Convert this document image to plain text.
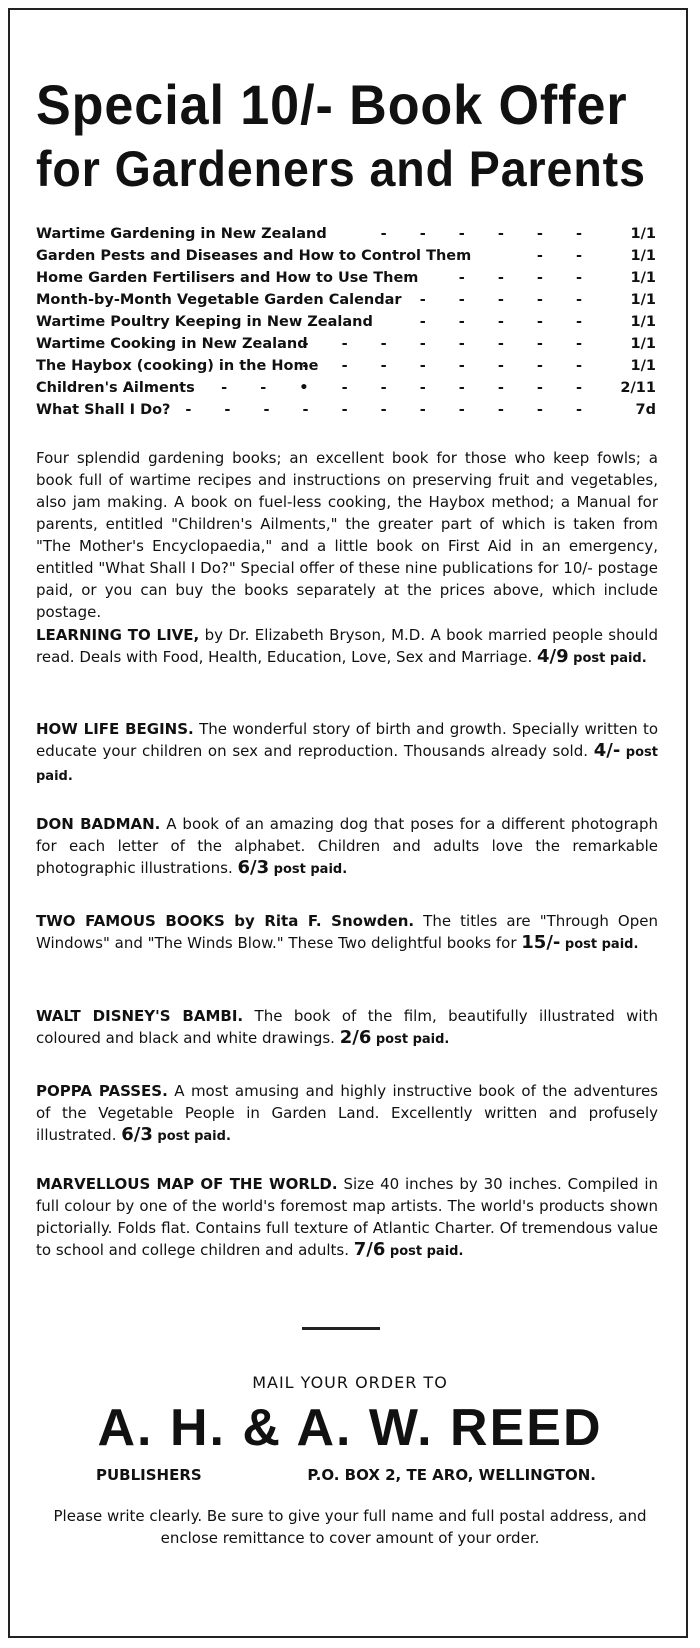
Special 10/- Book Offer
for Gardeners and Parents
- - - - - -
Wartime Gardening in New Zealand	1/1
- -
Garden Pests and Diseases and How to Control Them	1/1
- - - -
Home Garden Fertilisers and How to Use Them	1/1
- - - - -
Month-by-Month Vegetable Garden Calendar	1/1
- - - - -
Wartime Poultry Keeping in New Zealand	1/1
- - - - - - - -
Wartime Cooking in New Zealand	1/1
- - - - - - - -
The Haybox (cooking) in the Home	1/1
- - • - - - - - - -
Children's Ailments	2/11
- - - - - - - - - - -
What Shall I Do?	7d

Four splendid gardening books; an excellent book for those who keep fowls; a book full of wartime recipes and instructions on preserving fruit and vegetables, also jam making. A book on fuel-less cooking, the Haybox method; a Manual for parents, entitled "Children's Ailments," the greater part of which is taken from "The Mother's Encyclopaedia," and a little book on First Aid in an emergency, entitled "What Shall I Do?" Special offer of these nine publications for 10/- postage paid, or you can buy the books separately at the prices above, which include postage.

LEARNING TO LIVE, by Dr. Elizabeth Bryson, M.D. A book married people should read. Deals with Food, Health, Education, Love, Sex and Marriage. 4/9 post paid.

HOW LIFE BEGINS. The wonderful story of birth and growth. Specially written to educate your children on sex and reproduction. Thousands already sold. 4/- post paid.

DON BADMAN. A book of an amazing dog that poses for a different photograph for each letter of the alphabet. Children and adults love the remarkable photographic illustrations. 6/3 post paid.

TWO FAMOUS BOOKS by Rita F. Snowden. The titles are "Through Open Windows" and "The Winds Blow." These Two delightful books for 15/- post paid.

WALT DISNEY'S BAMBI. The book of the film, beautifully illustrated with coloured and black and white drawings. 2/6 post paid.

POPPA PASSES. A most amusing and highly instructive book of the adventures of the Vegetable People in Garden Land. Excellently written and profusely illustrated. 6/3 post paid.

MARVELLOUS MAP OF THE WORLD. Size 40 inches by 30 inches. Compiled in full colour by one of the world's foremost map artists. The world's products shown pictorially. Folds flat. Contains full texture of Atlantic Charter. Of tremendous value to school and college children and adults. 7/6 post paid.

MAIL YOUR ORDER TO
A. H. & A. W. REED
PUBLISHERS	P.O. BOX 2, TE ARO, WELLINGTON.

Please write clearly. Be sure to give your full name and full postal address, and enclose remittance to cover amount of your order.
